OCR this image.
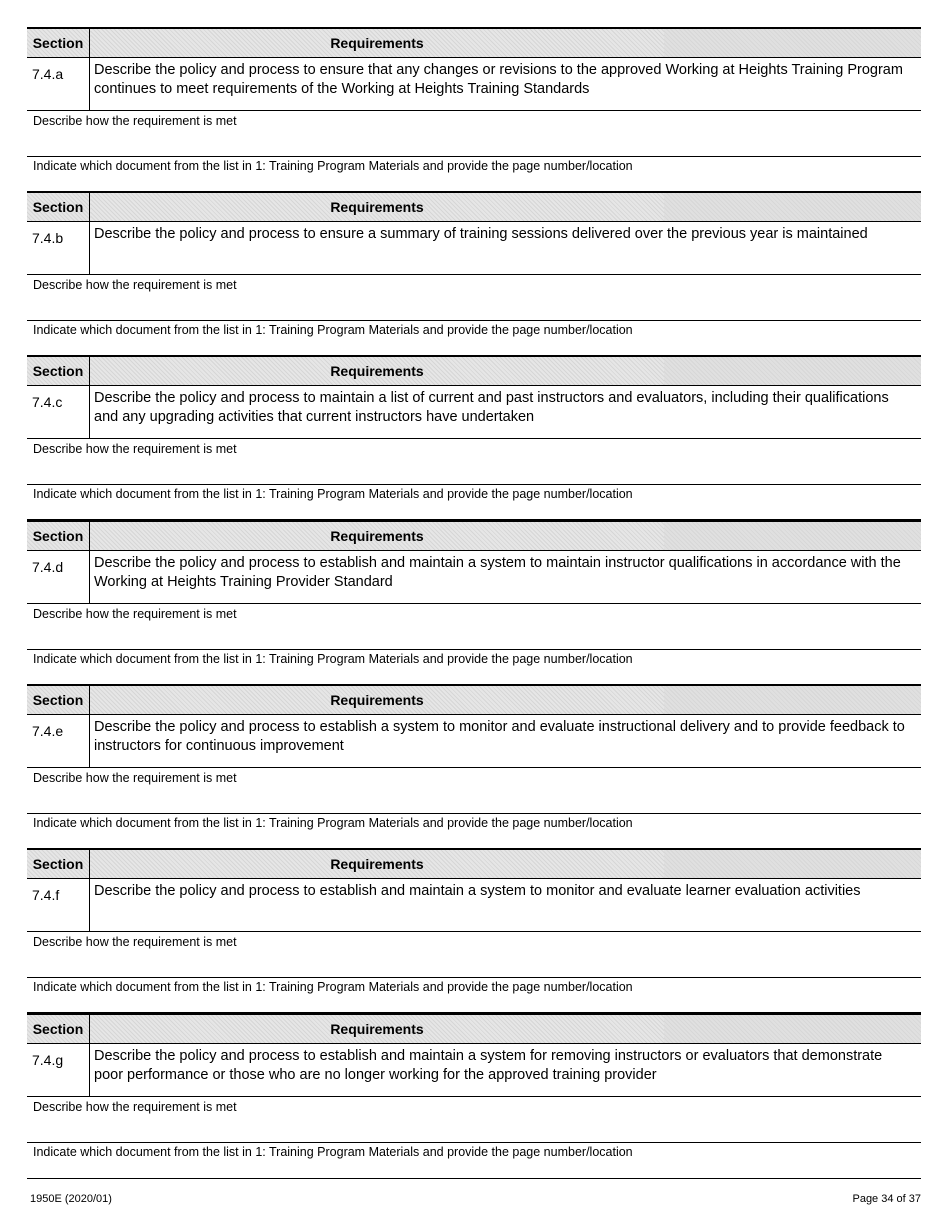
Section	Requirements	
7.4.a	Describe the policy and process to ensure that any changes or revisions to the approved Working at Heights Training Program continues to meet requirements of the Working at Heights Training Standards	
Describe how the requirement is met
Indicate which document from the list in 1: Training Program Materials and provide the page number/location
Section	Requirements	
7.4.b	Describe the policy and process to ensure a summary of training sessions delivered over the previous year is maintained	
Describe how the requirement is met
Indicate which document from the list in 1: Training Program Materials and provide the page number/location
Section	Requirements	
7.4.c	Describe the policy and process to maintain a list of current and past instructors and evaluators, including their qualifications and any upgrading activities that current instructors have undertaken	
Describe how the requirement is met
Indicate which document from the list in 1: Training Program Materials and provide the page number/location
Section	Requirements	
7.4.d	Describe the policy and process to establish and maintain a system to maintain instructor qualifications in accordance with the Working at Heights Training Provider Standard	
Describe how the requirement is met
Indicate which document from the list in 1: Training Program Materials and provide the page number/location
Section	Requirements	
7.4.e	Describe the policy and process to establish a system to monitor and evaluate instructional delivery and to provide feedback to instructors for continuous improvement	
Describe how the requirement is met
Indicate which document from the list in 1: Training Program Materials and provide the page number/location
Section	Requirements	
7.4.f	Describe the policy and process to establish and maintain a system to monitor and evaluate learner evaluation activities	
Describe how the requirement is met
Indicate which document from the list in 1: Training Program Materials and provide the page number/location
Section	Requirements	
7.4.g	Describe the policy and process to establish and maintain a system for removing instructors or evaluators that demonstrate poor performance or those who are no longer working for the approved training provider	
Describe how the requirement is met
Indicate which document from the list in 1: Training Program Materials and provide the page number/location
1950E (2020/01)	Page 34 of 37
